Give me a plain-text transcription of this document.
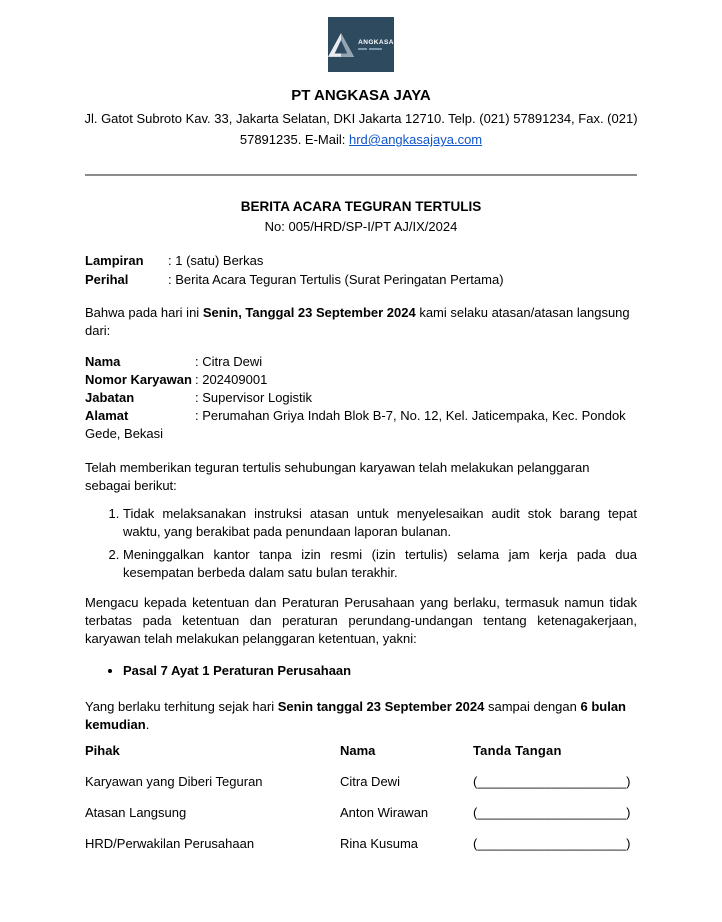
ANGKASA
PT ANGKASA JAYA
Jl. Gatot Subroto Kav. 33, Jakarta Selatan, DKI Jakarta 12710. Telp. (021) 57891234, Fax. (021)
57891235. E-Mail: hrd@angkasajaya.com
BERITA ACARA TEGURAN TERTULIS
No: 005/HRD/SP-I/PT AJ/IX/2024
Lampiran	: 1 (satu) Berkas
Perihal	: Berita Acara Teguran Tertulis (Surat Peringatan Pertama)

Bahwa pada hari ini Senin, Tanggal 23 September 2024 kami selaku atasan/atasan langsung dari:

Nama	: Citra Dewi
Nomor Karyawan : 202409001
Jabatan	: Supervisor Logistik

Alamat	: Perumahan Griya Indah Blok B-7, No. 12, Kel. Jaticempaka, Kec. Pondok Gede, Bekasi

Telah memberikan teguran tertulis sehubungan karyawan telah melakukan pelanggaran sebagai berikut:

1. Tidak melaksanakan instruksi atasan untuk menyelesaikan audit stok barang tepat waktu, yang berakibat pada penundaan laporan bulanan.
2. Meninggalkan kantor tanpa izin resmi (izin tertulis) selama jam kerja pada dua kesempatan berbeda dalam satu bulan terakhir.

Mengacu kepada ketentuan dan Peraturan Perusahaan yang berlaku, termasuk namun tidak terbatas pada ketentuan dan peraturan perundang-undangan tentang ketenagakerjaan, karyawan telah melakukan pelanggaran ketentuan, yakni:

• Pasal 7 Ayat 1 Peraturan Perusahaan

Yang berlaku terhitung sejak hari Senin tanggal 23 September 2024 sampai dengan 6 bulan kemudian.

Pihak	Nama	Tanda Tangan
Karyawan yang Diberi Teguran	Citra Dewi	(____________________)
Atasan Langsung	Anton Wirawan	(____________________)
HRD/Perwakilan Perusahaan	Rina Kusuma	(____________________)
